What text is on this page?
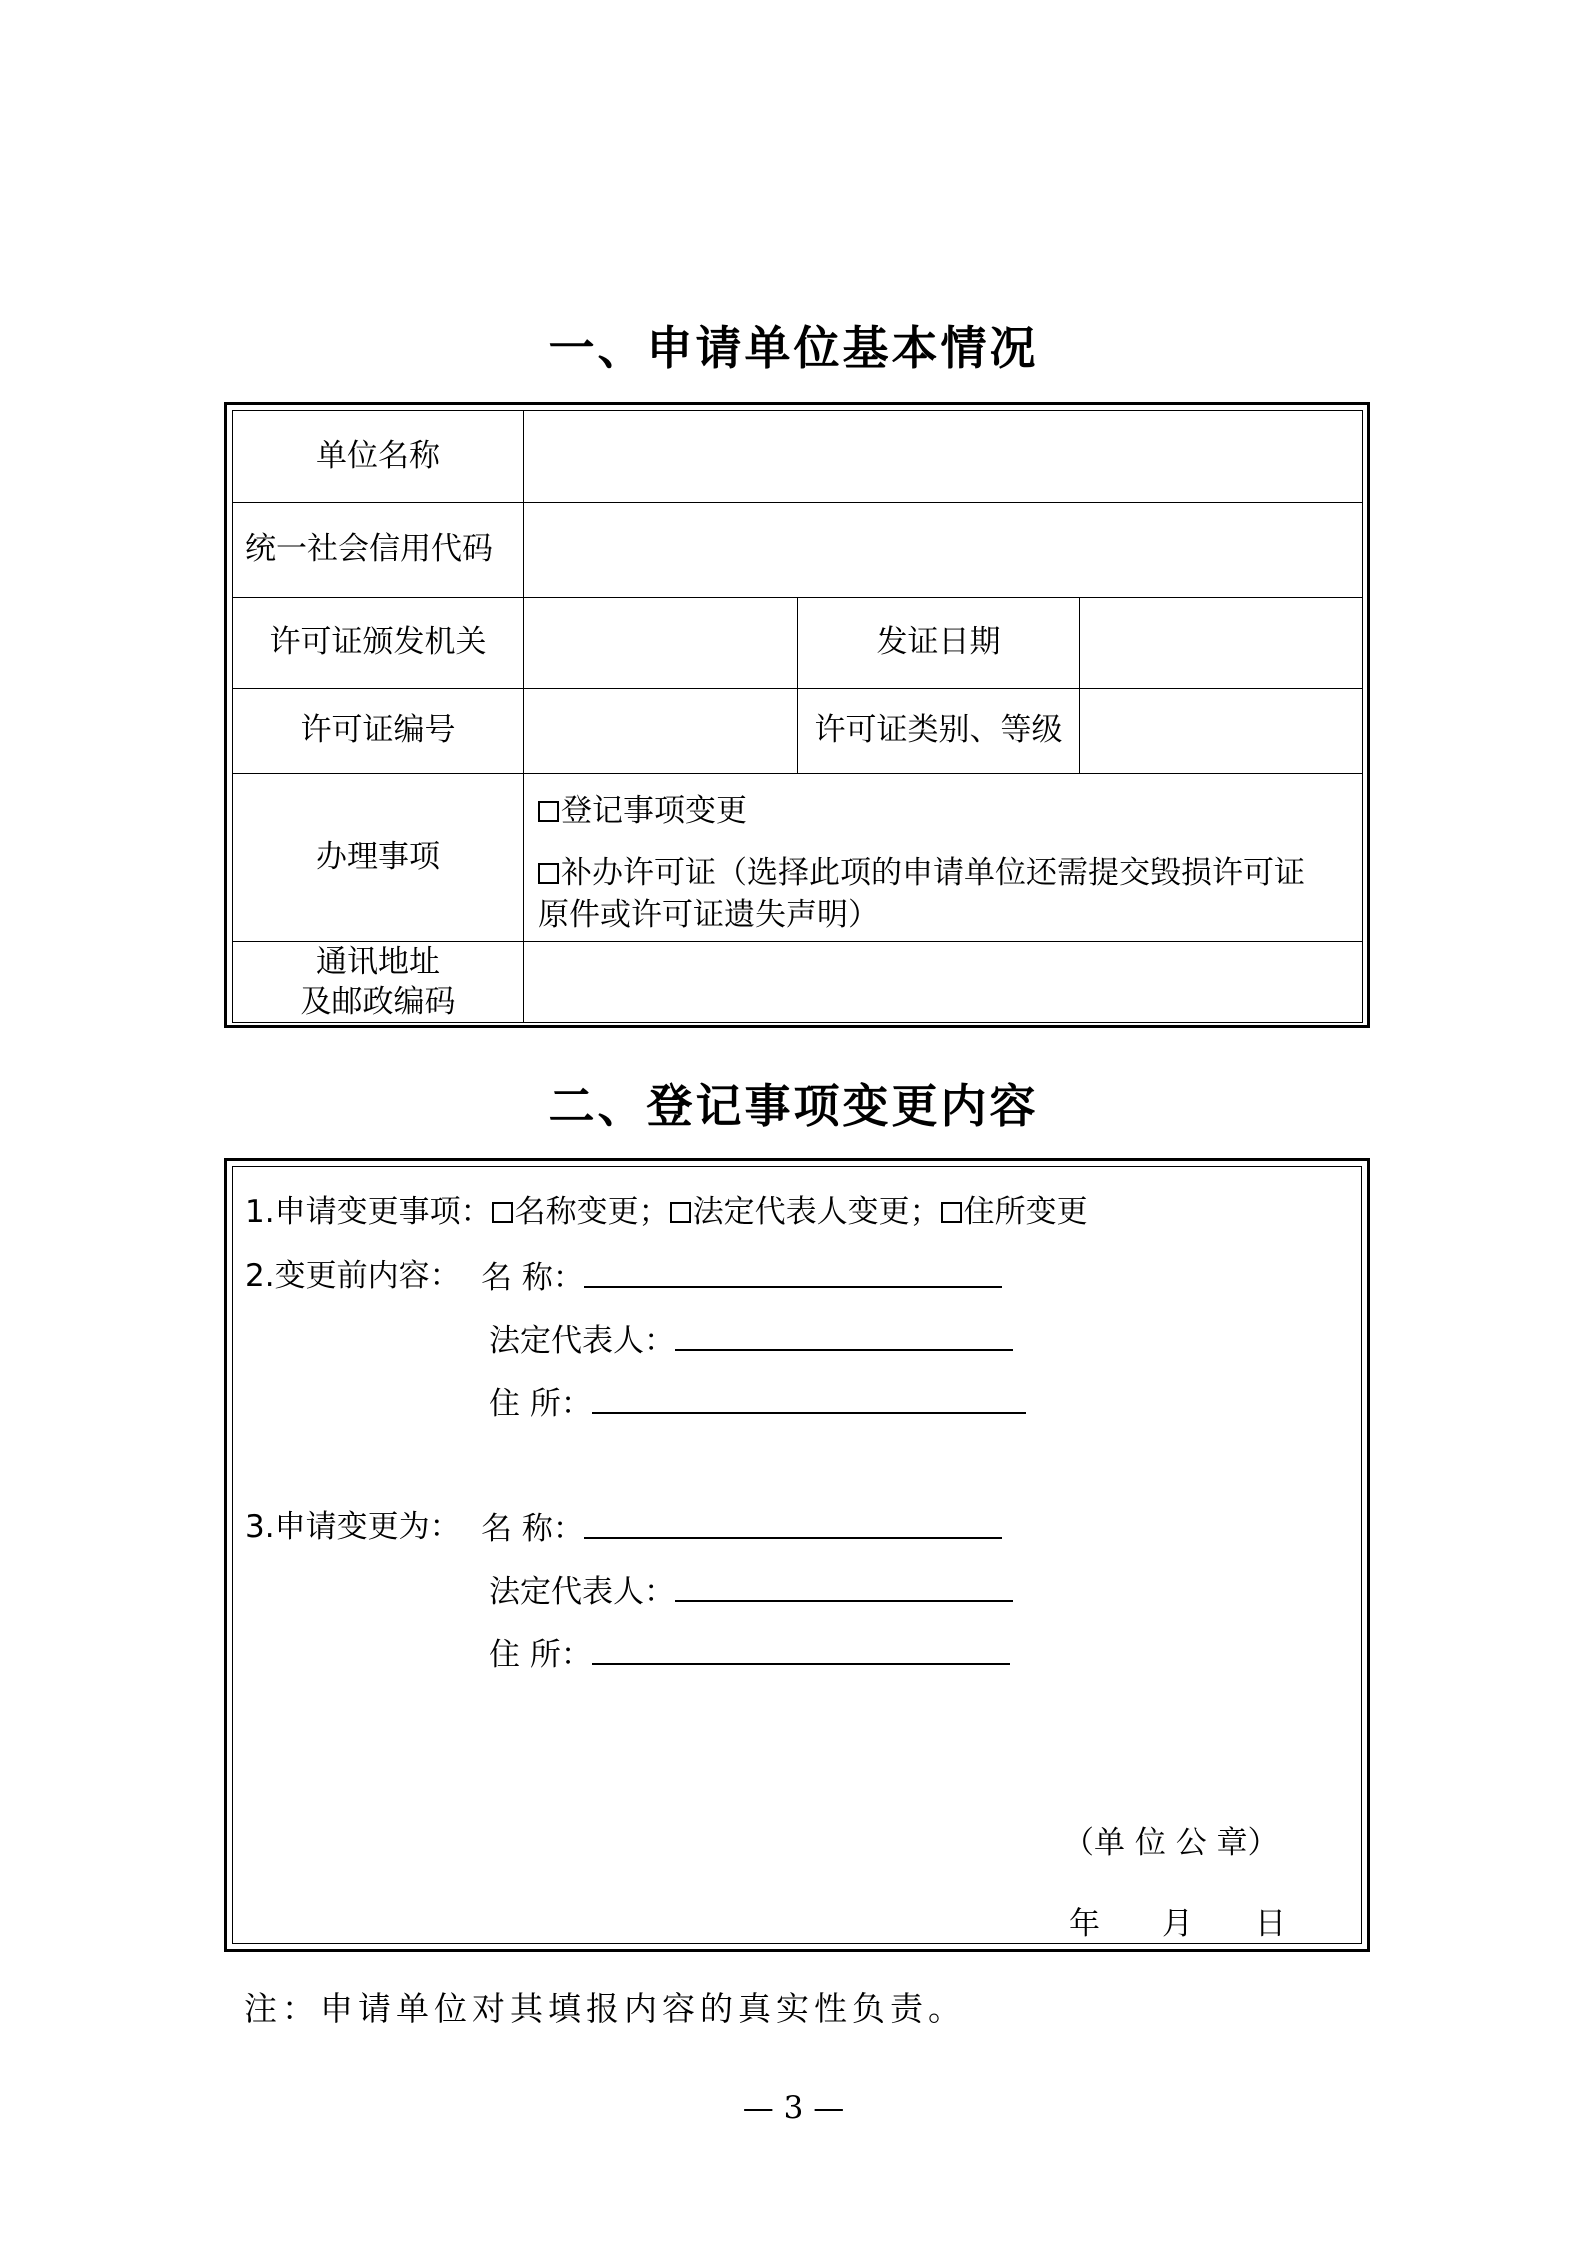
一、申请单位基本情况
单位名称			
统一社会信用代码			
许可证颁发机关		发证日期	
许可证编号		许可证类别、等级	
办理事项	登记事项变更
补办许可证（选择此项的申请单位还需提交毁损许可证
原件或许可证遗失声明）		

通讯地址
及邮政编码			

二、登记事项变更内容
1.申请变更事项： 名称变更； 法定代表人变更； 住所变更
2.变更前内容： 名 称：
法定代表人：
住 所：
3.申请变更为： 名 称：
法定代表人：
住 所：
（单 位 公 章）
年　　月　　日
注：申请单位对其填报内容的真实性负责。
— 3 —
